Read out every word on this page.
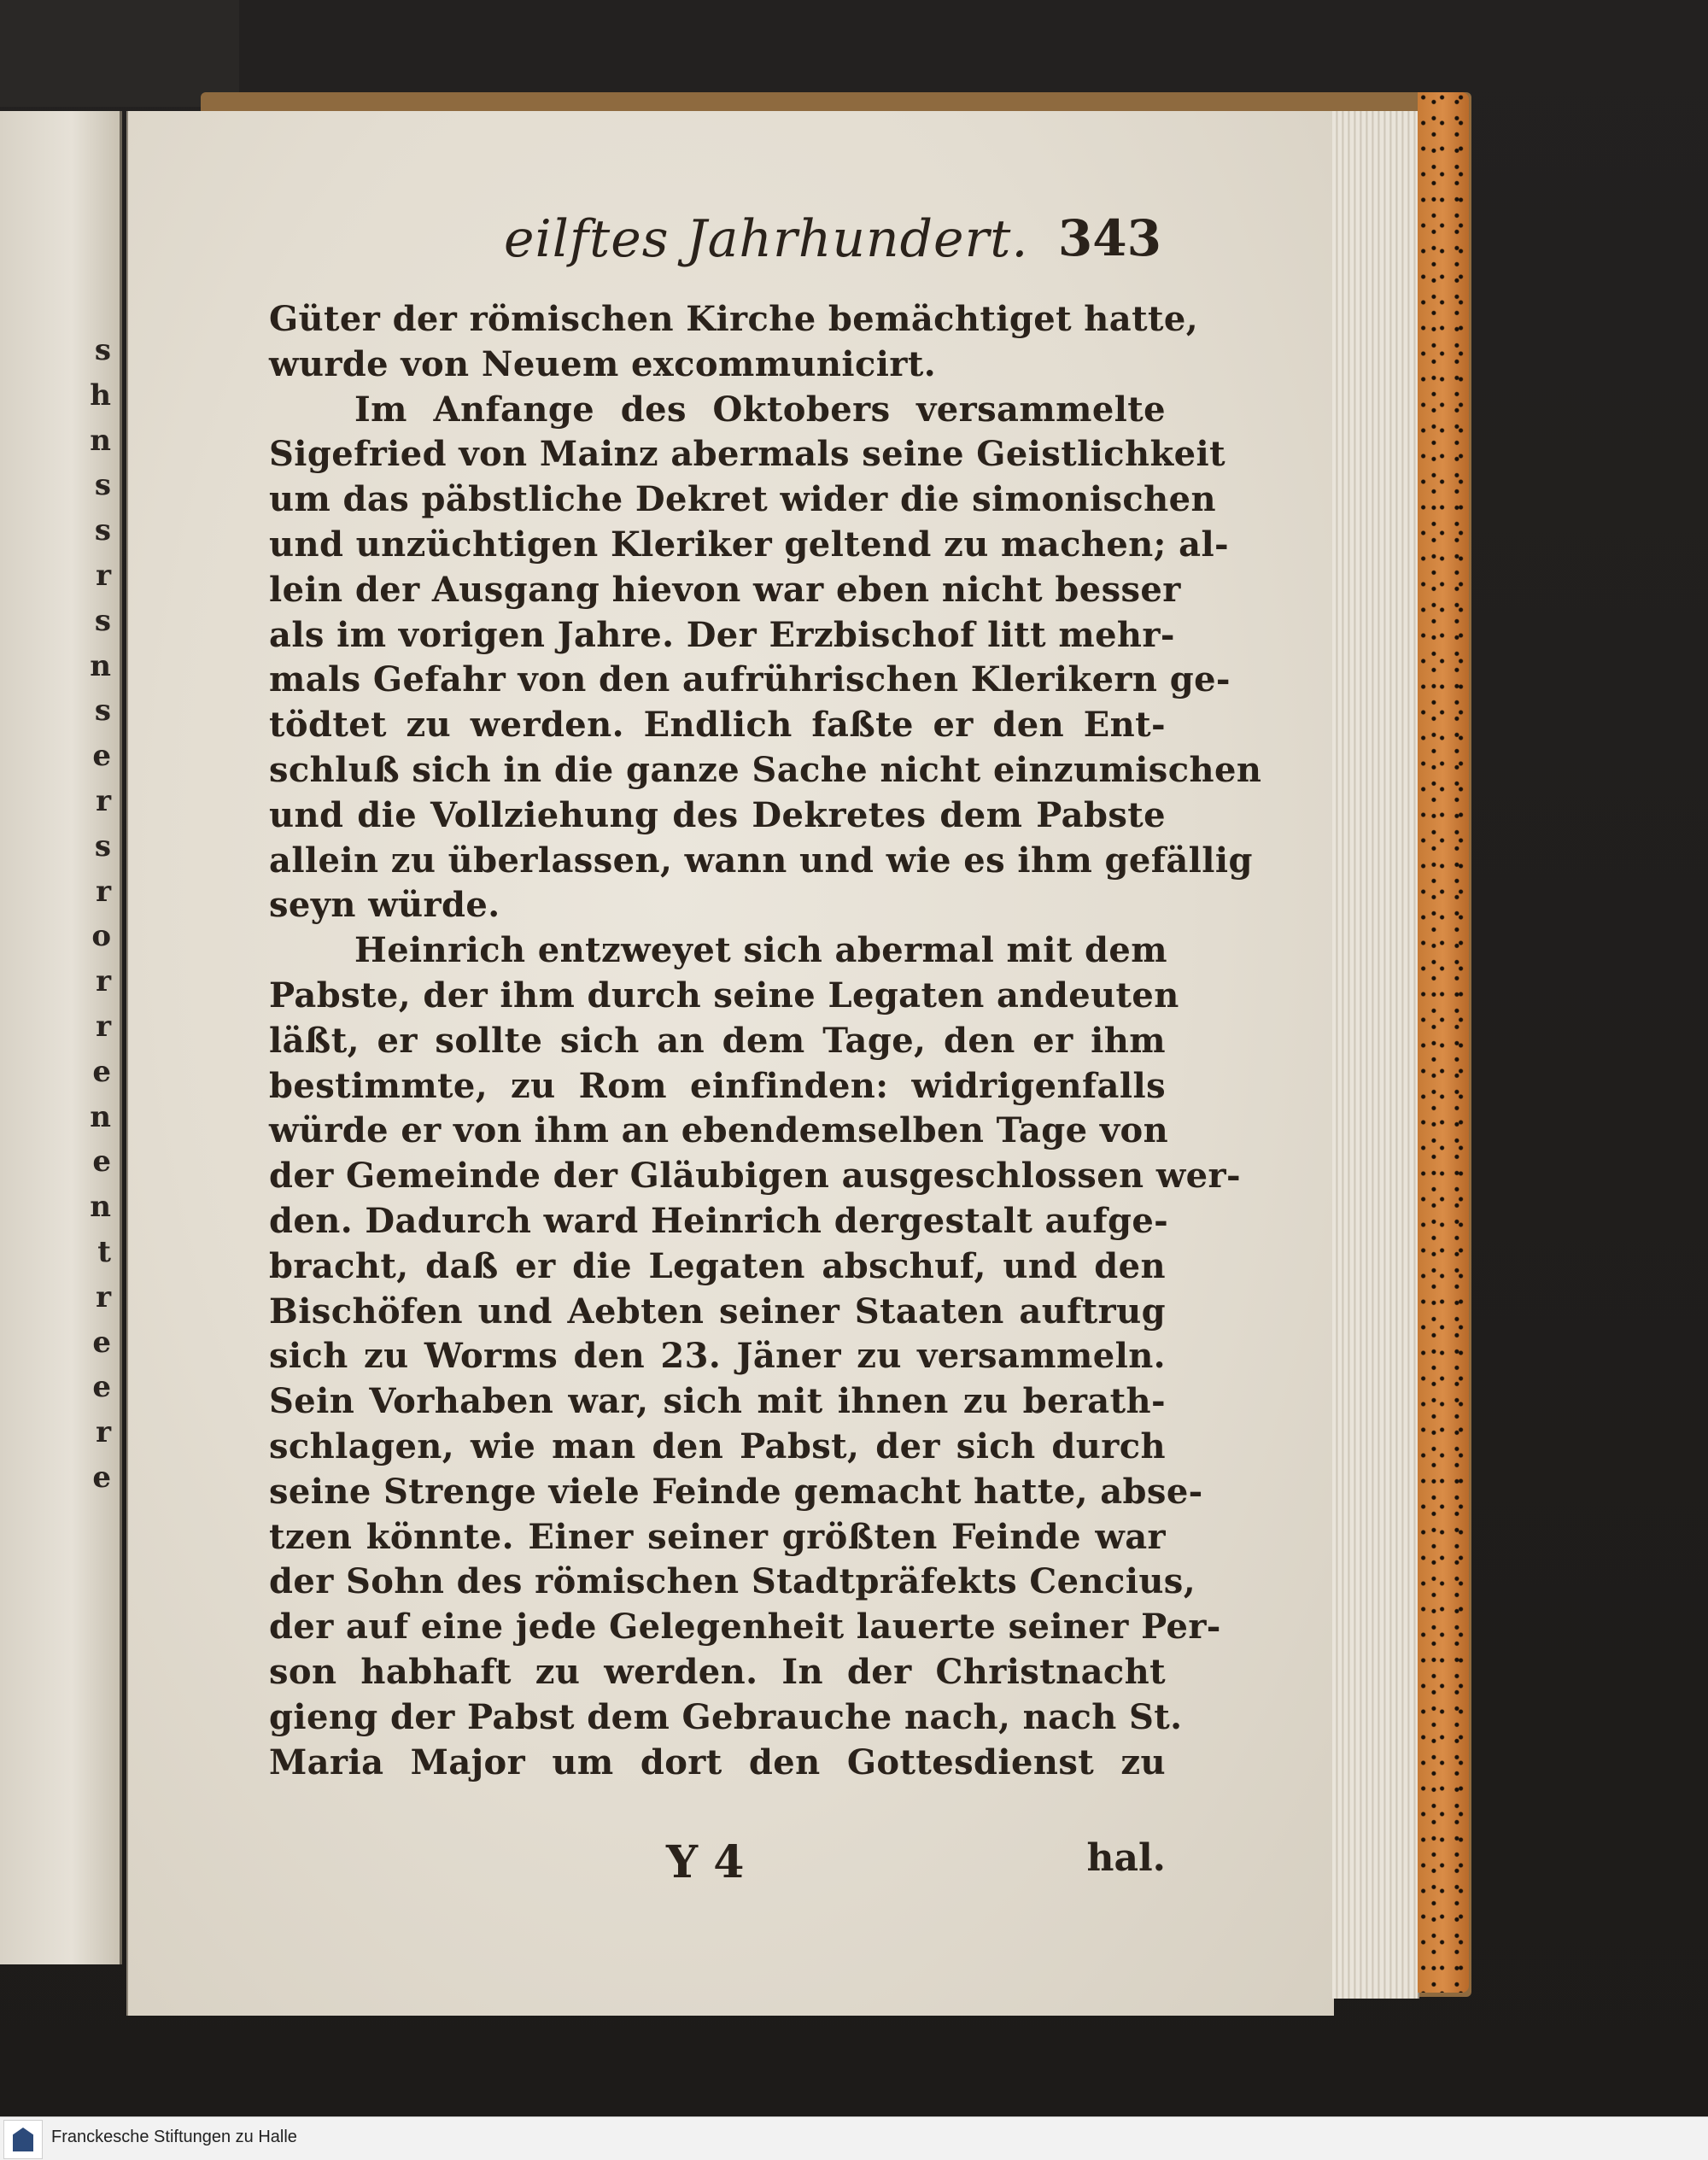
s
h
n
s
s
r
s
n
s
e
r
s
r
o
r
r
e
n
e
n
t
r
e
e
r
e
eilftes Jahrhundert. 343
Güter der römischen Kirche bemächtiget hatte,
wurde von Neuem excommunicirt.
Im Anfange des Oktobers versammelte
Sigefried von Mainz abermals seine Geistlichkeit
um das päbstliche Dekret wider die simonischen
und unzüchtigen Kleriker geltend zu machen; al-
lein der Ausgang hievon war eben nicht besser
als im vorigen Jahre. Der Erzbischof litt mehr-
mals Gefahr von den aufrührischen Klerikern ge-
tödtet zu werden. Endlich faßte er den Ent-
schluß sich in die ganze Sache nicht einzumischen
und die Vollziehung des Dekretes dem Pabste
allein zu überlassen, wann und wie es ihm gefällig
seyn würde.
Heinrich entzweyet sich abermal mit dem
Pabste, der ihm durch seine Legaten andeuten
läßt, er sollte sich an dem Tage, den er ihm
bestimmte, zu Rom einfinden: widrigenfalls
würde er von ihm an ebendemselben Tage von
der Gemeinde der Gläubigen ausgeschlossen wer-
den. Dadurch ward Heinrich dergestalt aufge-
bracht, daß er die Legaten abschuf, und den
Bischöfen und Aebten seiner Staaten auftrug
sich zu Worms den 23. Jäner zu versammeln.
Sein Vorhaben war, sich mit ihnen zu berath-
schlagen, wie man den Pabst, der sich durch
seine Strenge viele Feinde gemacht hatte, abse-
tzen könnte. Einer seiner größten Feinde war
der Sohn des römischen Stadtpräfekts Cencius,
der auf eine jede Gelegenheit lauerte seiner Per-
son habhaft zu werden. In der Christnacht
gieng der Pabst dem Gebrauche nach, nach St.
Maria Major um dort den Gottesdienst zu
Y 4	hal.
Franckesche Stiftungen zu Halle
